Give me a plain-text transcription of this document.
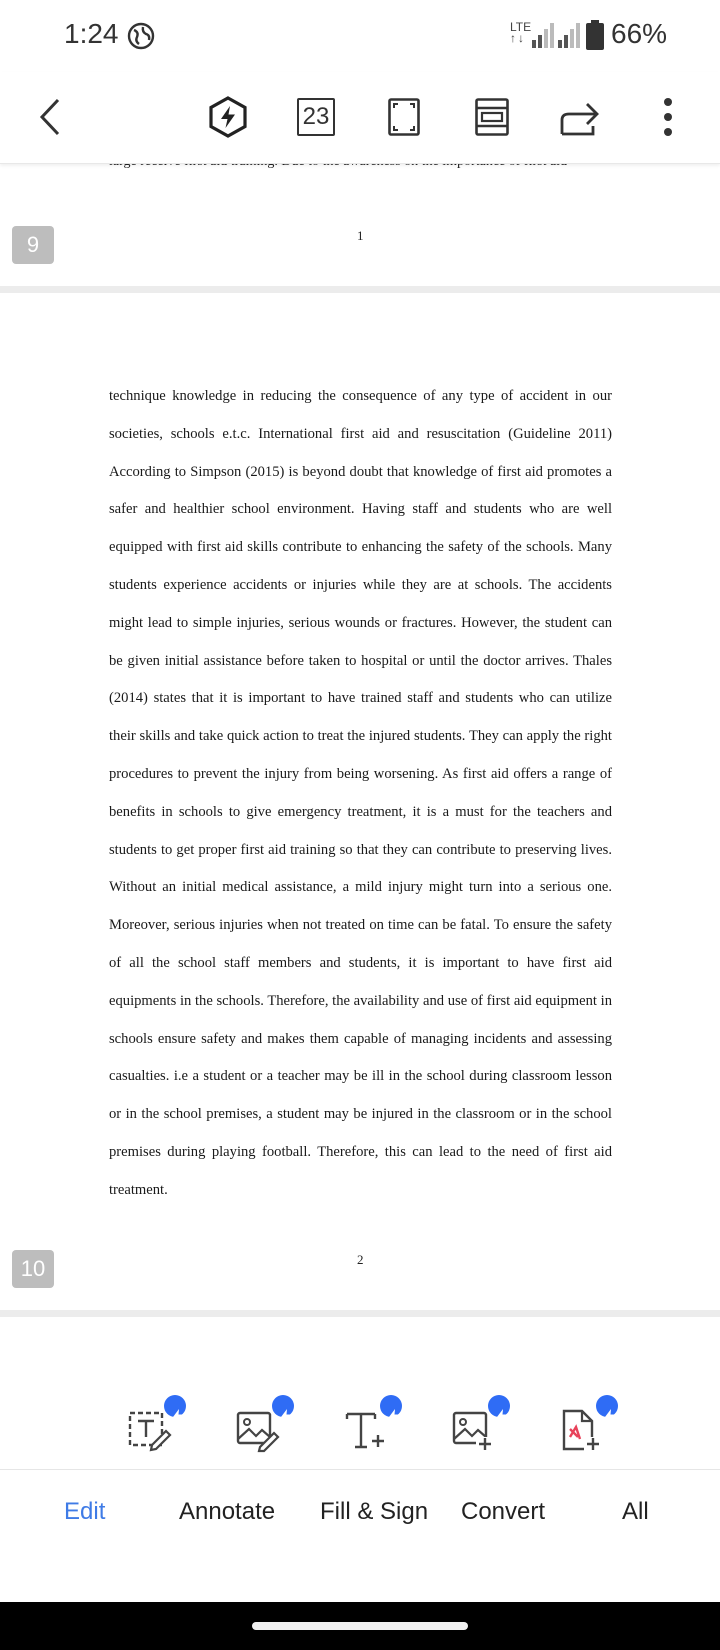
1:24	LTE
↑↓	66%
23
1
9
technique knowledge in reducing the consequence of any type of accident in our societies, schools e.t.c. International first aid and resuscitation (Guideline 2011) According to Simpson (2015) is beyond doubt that knowledge of first aid promotes a safer and healthier school environment. Having staff and students who are well equipped with first aid skills contribute to enhancing the safety of the schools. Many students experience accidents or injuries while they are at schools. The accidents might lead to simple injuries, serious wounds or fractures. However, the student can be given initial assistance before taken to hospital or until the doctor arrives. Thales (2014) states that it is important to have trained staff and students who can utilize their skills and take quick action to treat the injured students. They can apply the right procedures to prevent the injury from being worsening. As first aid offers a range of benefits in schools to give emergency treatment, it is a must for the teachers and students to get proper first aid training so that they can contribute to preserving lives. Without an initial medical assistance, a mild injury might turn into a serious one. Moreover, serious injuries when not treated on time can be fatal. To ensure the safety of all the school staff members and students, it is important to have first aid equipments in the schools. Therefore, the availability and use of first aid equipment in schools ensure safety and makes them capable of managing incidents and assessing casualties. i.e a student or a teacher may be ill in the school during classroom lesson or in the school premises, a student may be injured in the classroom or in the school premises during playing football. Therefore, this can lead to the need of first aid treatment.
2
10
Edit	Annotate Fill & Sign Convert	All
